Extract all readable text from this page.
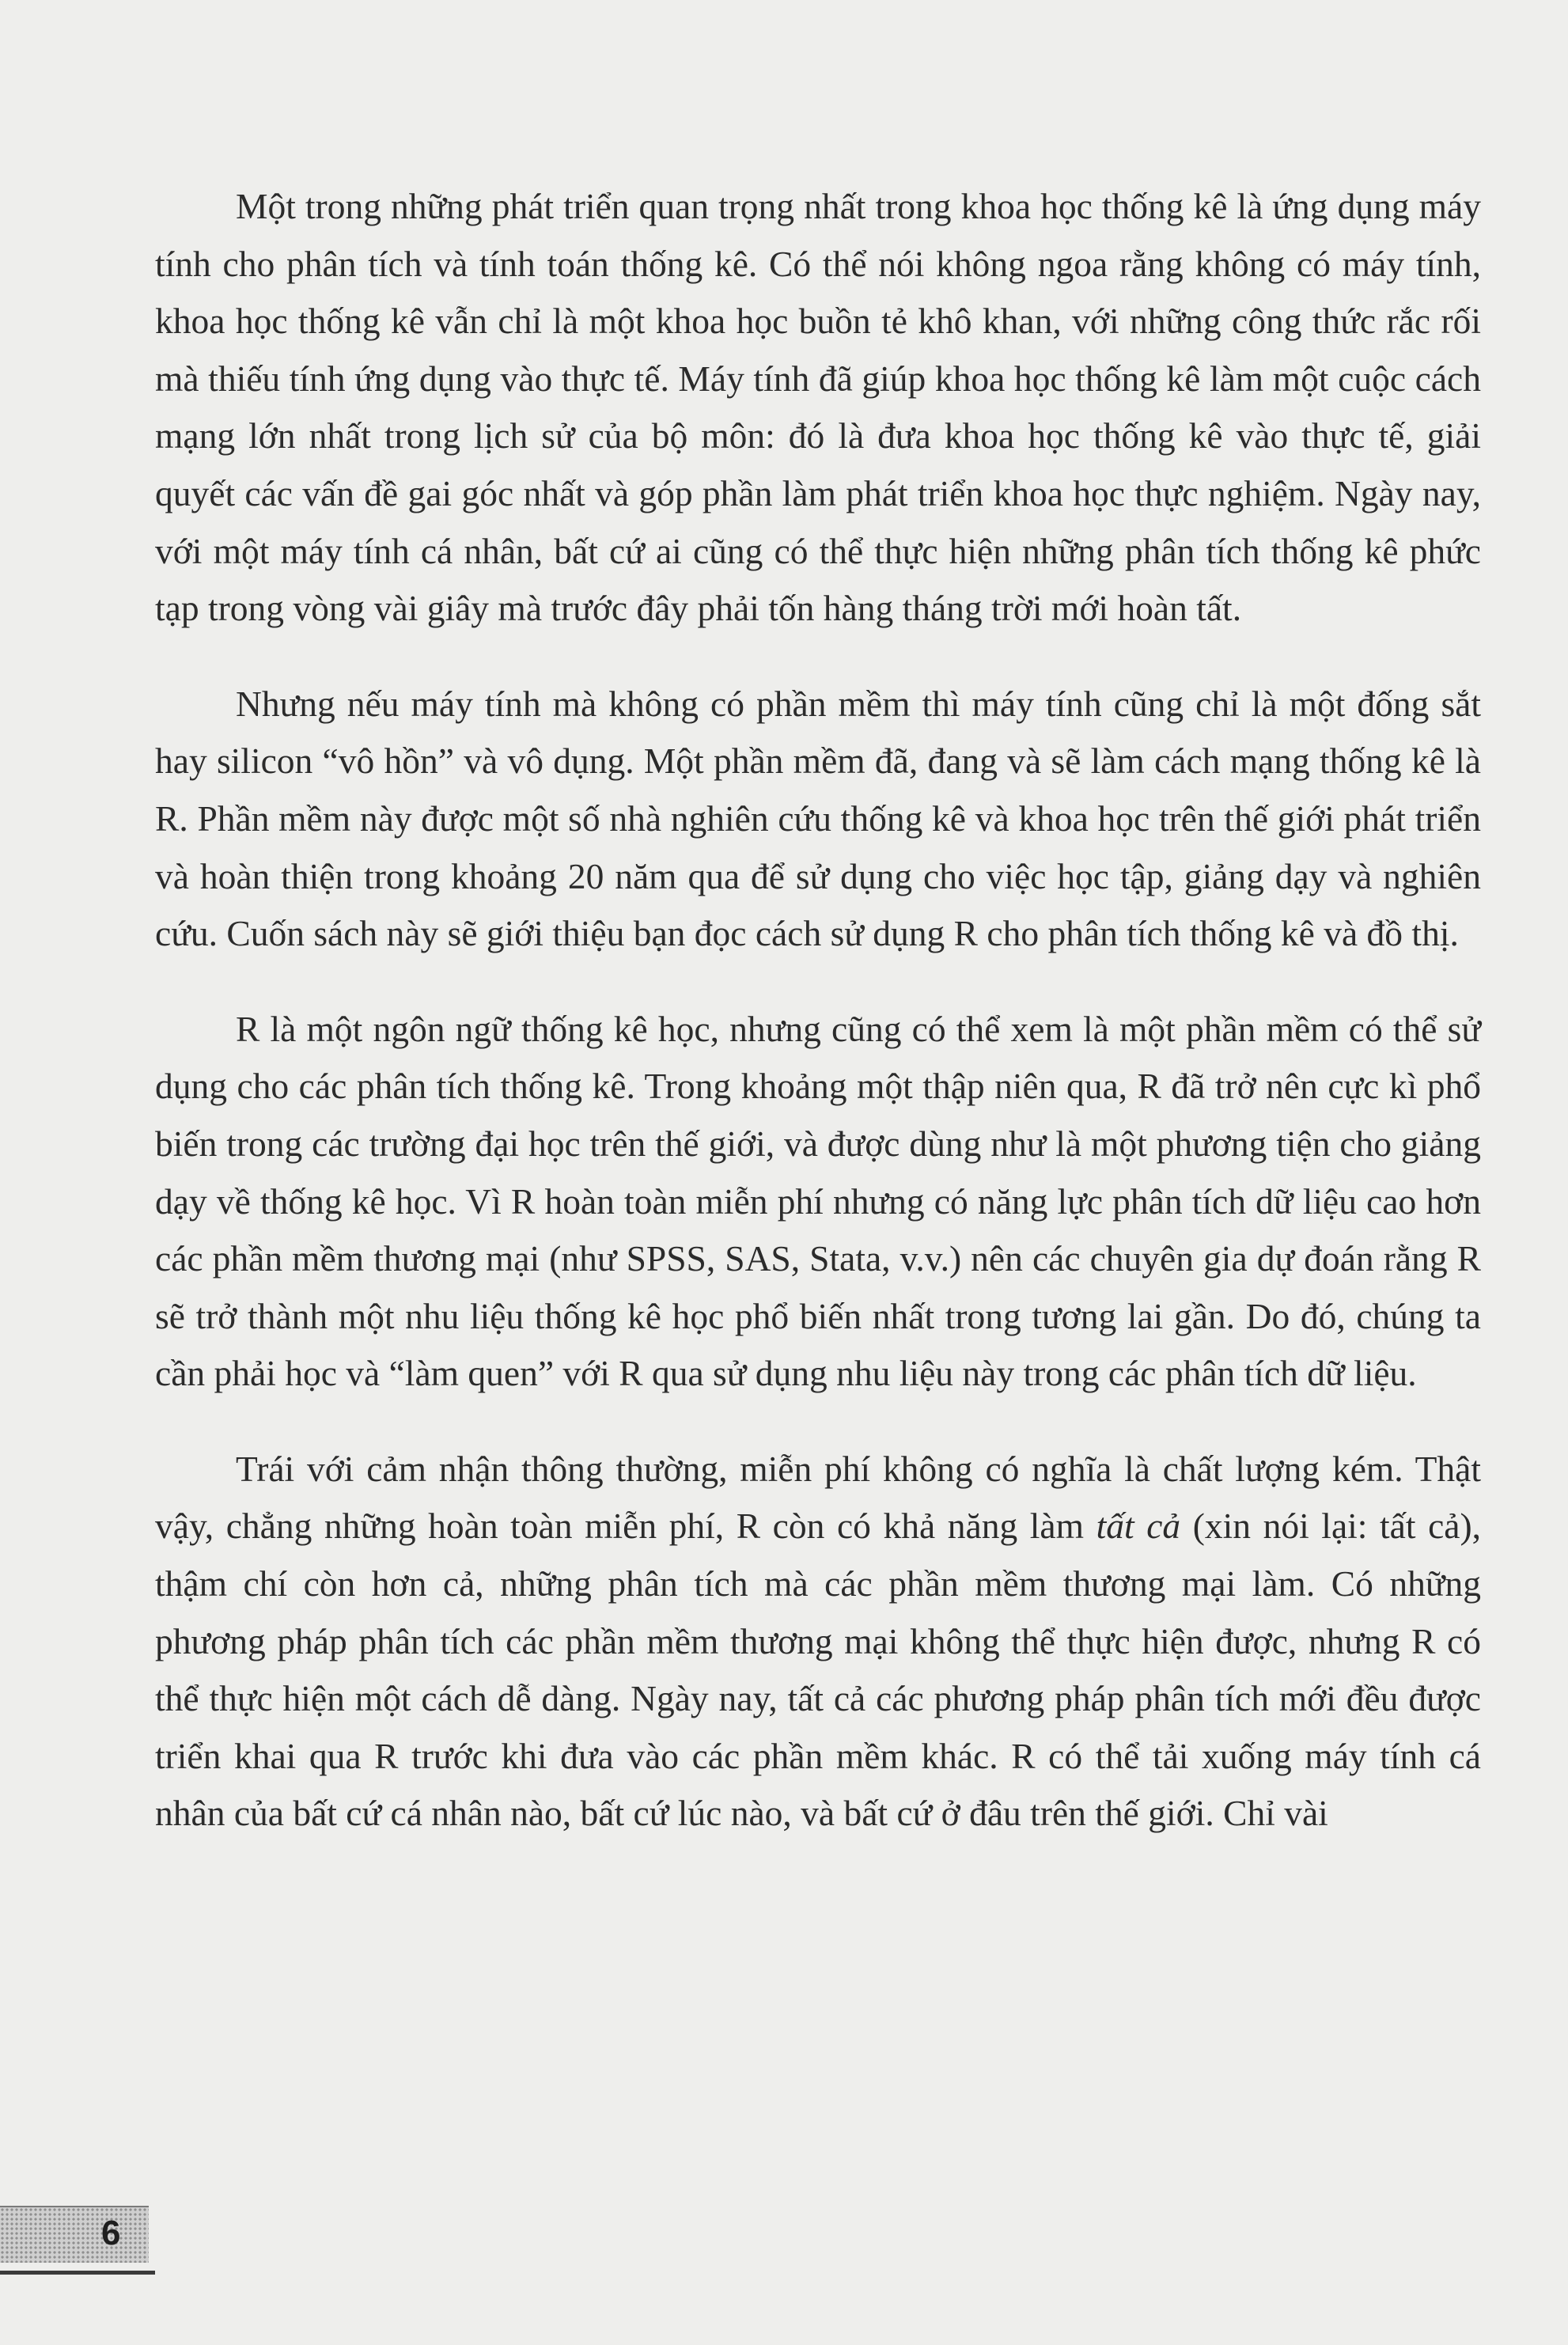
Một trong những phát triển quan trọng nhất trong khoa học thống kê là ứng dụng máy tính cho phân tích và tính toán thống kê. Có thể nói không ngoa rằng không có máy tính, khoa học thống kê vẫn chỉ là một khoa học buồn tẻ khô khan, với những công thức rắc rối mà thiếu tính ứng dụng vào thực tế. Máy tính đã giúp khoa học thống kê làm một cuộc cách mạng lớn nhất trong lịch sử của bộ môn: đó là đưa khoa học thống kê vào thực tế, giải quyết các vấn đề gai góc nhất và góp phần làm phát triển khoa học thực nghiệm. Ngày nay, với một máy tính cá nhân, bất cứ ai cũng có thể thực hiện những phân tích thống kê phức tạp trong vòng vài giây mà trước đây phải tốn hàng tháng trời mới hoàn tất.

Nhưng nếu máy tính mà không có phần mềm thì máy tính cũng chỉ là một đống sắt hay silicon “vô hồn” và vô dụng. Một phần mềm đã, đang và sẽ làm cách mạng thống kê là R. Phần mềm này được một số nhà nghiên cứu thống kê và khoa học trên thế giới phát triển và hoàn thiện trong khoảng 20 năm qua để sử dụng cho việc học tập, giảng dạy và nghiên cứu. Cuốn sách này sẽ giới thiệu bạn đọc cách sử dụng R cho phân tích thống kê và đồ thị.

R là một ngôn ngữ thống kê học, nhưng cũng có thể xem là một phần mềm có thể sử dụng cho các phân tích thống kê. Trong khoảng một thập niên qua, R đã trở nên cực kì phổ biến trong các trường đại học trên thế giới, và được dùng như là một phương tiện cho giảng dạy về thống kê học. Vì R hoàn toàn miễn phí nhưng có năng lực phân tích dữ liệu cao hơn các phần mềm thương mại (như SPSS, SAS, Stata, v.v.) nên các chuyên gia dự đoán rằng R sẽ trở thành một nhu liệu thống kê học phổ biến nhất trong tương lai gần. Do đó, chúng ta cần phải học và “làm quen” với R qua sử dụng nhu liệu này trong các phân tích dữ liệu.

Trái với cảm nhận thông thường, miễn phí không có nghĩa là chất lượng kém. Thật vậy, chẳng những hoàn toàn miễn phí, R còn có khả năng làm tất cả (xin nói lại: tất cả), thậm chí còn hơn cả, những phân tích mà các phần mềm thương mại làm. Có những phương pháp phân tích các phần mềm thương mại không thể thực hiện được, nhưng R có thể thực hiện một cách dễ dàng. Ngày nay, tất cả các phương pháp phân tích mới đều được triển khai qua R trước khi đưa vào các phần mềm khác. R có thể tải xuống máy tính cá nhân của bất cứ cá nhân nào, bất cứ lúc nào, và bất cứ ở đâu trên thế giới. Chỉ vài

6
